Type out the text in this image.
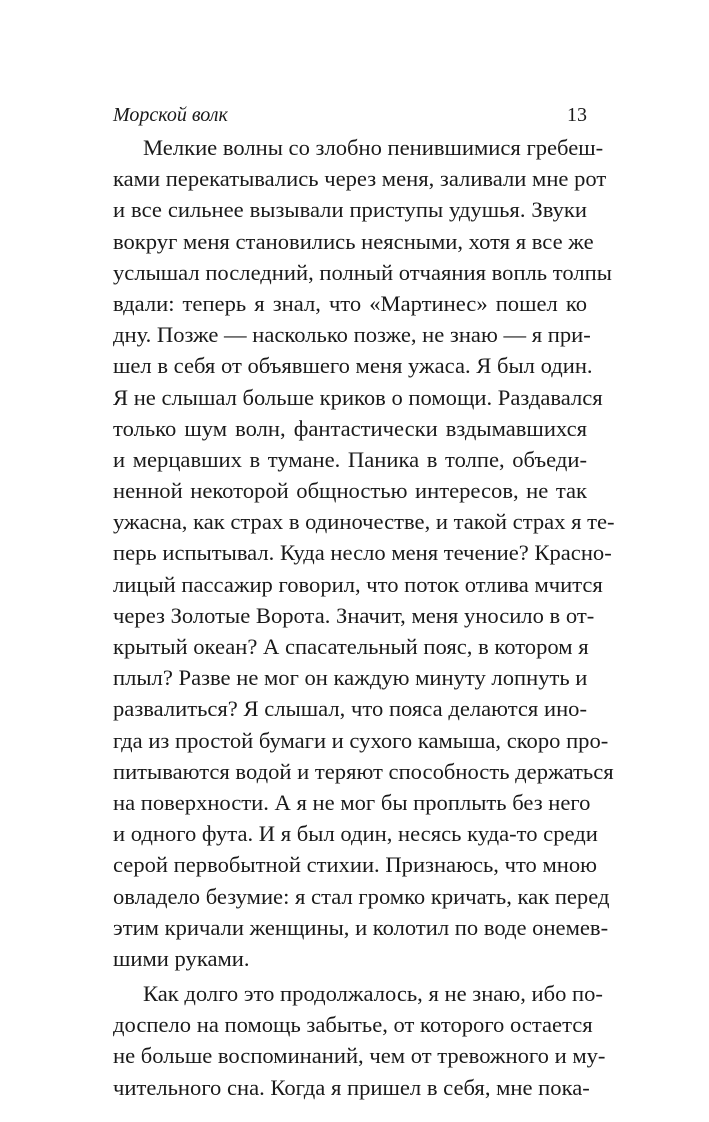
Морской волк	13
Мелкие волны со злобно пенившимися гребеш-
ками перекатывались через меня, заливали мне рот
и все сильнее вызывали приступы удушья. Звуки
вокруг меня становились неясными, хотя я все же
услышал последний, полный отчаяния вопль толпы
вдали: теперь я знал, что «Мартинес» пошел ко
дну. Позже — насколько позже, не знаю — я при-
шел в себя от объявшего меня ужаса. Я был один.
Я не слышал больше криков о помощи. Раздавался
только шум волн, фантастически вздымавшихся
и мерцавших в тумане. Паника в толпе, объеди-
ненной некоторой общностью интересов, не так
ужасна, как страх в одиночестве, и такой страх я те-
перь испытывал. Куда несло меня течение? Красно-
лицый пассажир говорил, что поток отлива мчится
через Золотые Ворота. Значит, меня уносило в от-
крытый океан? А спасательный пояс, в котором я
плыл? Разве не мог он каждую минуту лопнуть и
развалиться? Я слышал, что пояса делаются ино-
гда из простой бумаги и сухого камыша, скоро про-
питываются водой и теряют способность держаться
на поверхности. А я не мог бы проплыть без него
и одного фута. И я был один, несясь куда-то среди
серой первобытной стихии. Признаюсь, что мною
овладело безумие: я стал громко кричать, как перед
этим кричали женщины, и колотил по воде онемев-
шими руками.
Как долго это продолжалось, я не знаю, ибо по-
доспело на помощь забытье, от которого остается
не больше воспоминаний, чем от тревожного и му-
чительного сна. Когда я пришел в себя, мне пока-
